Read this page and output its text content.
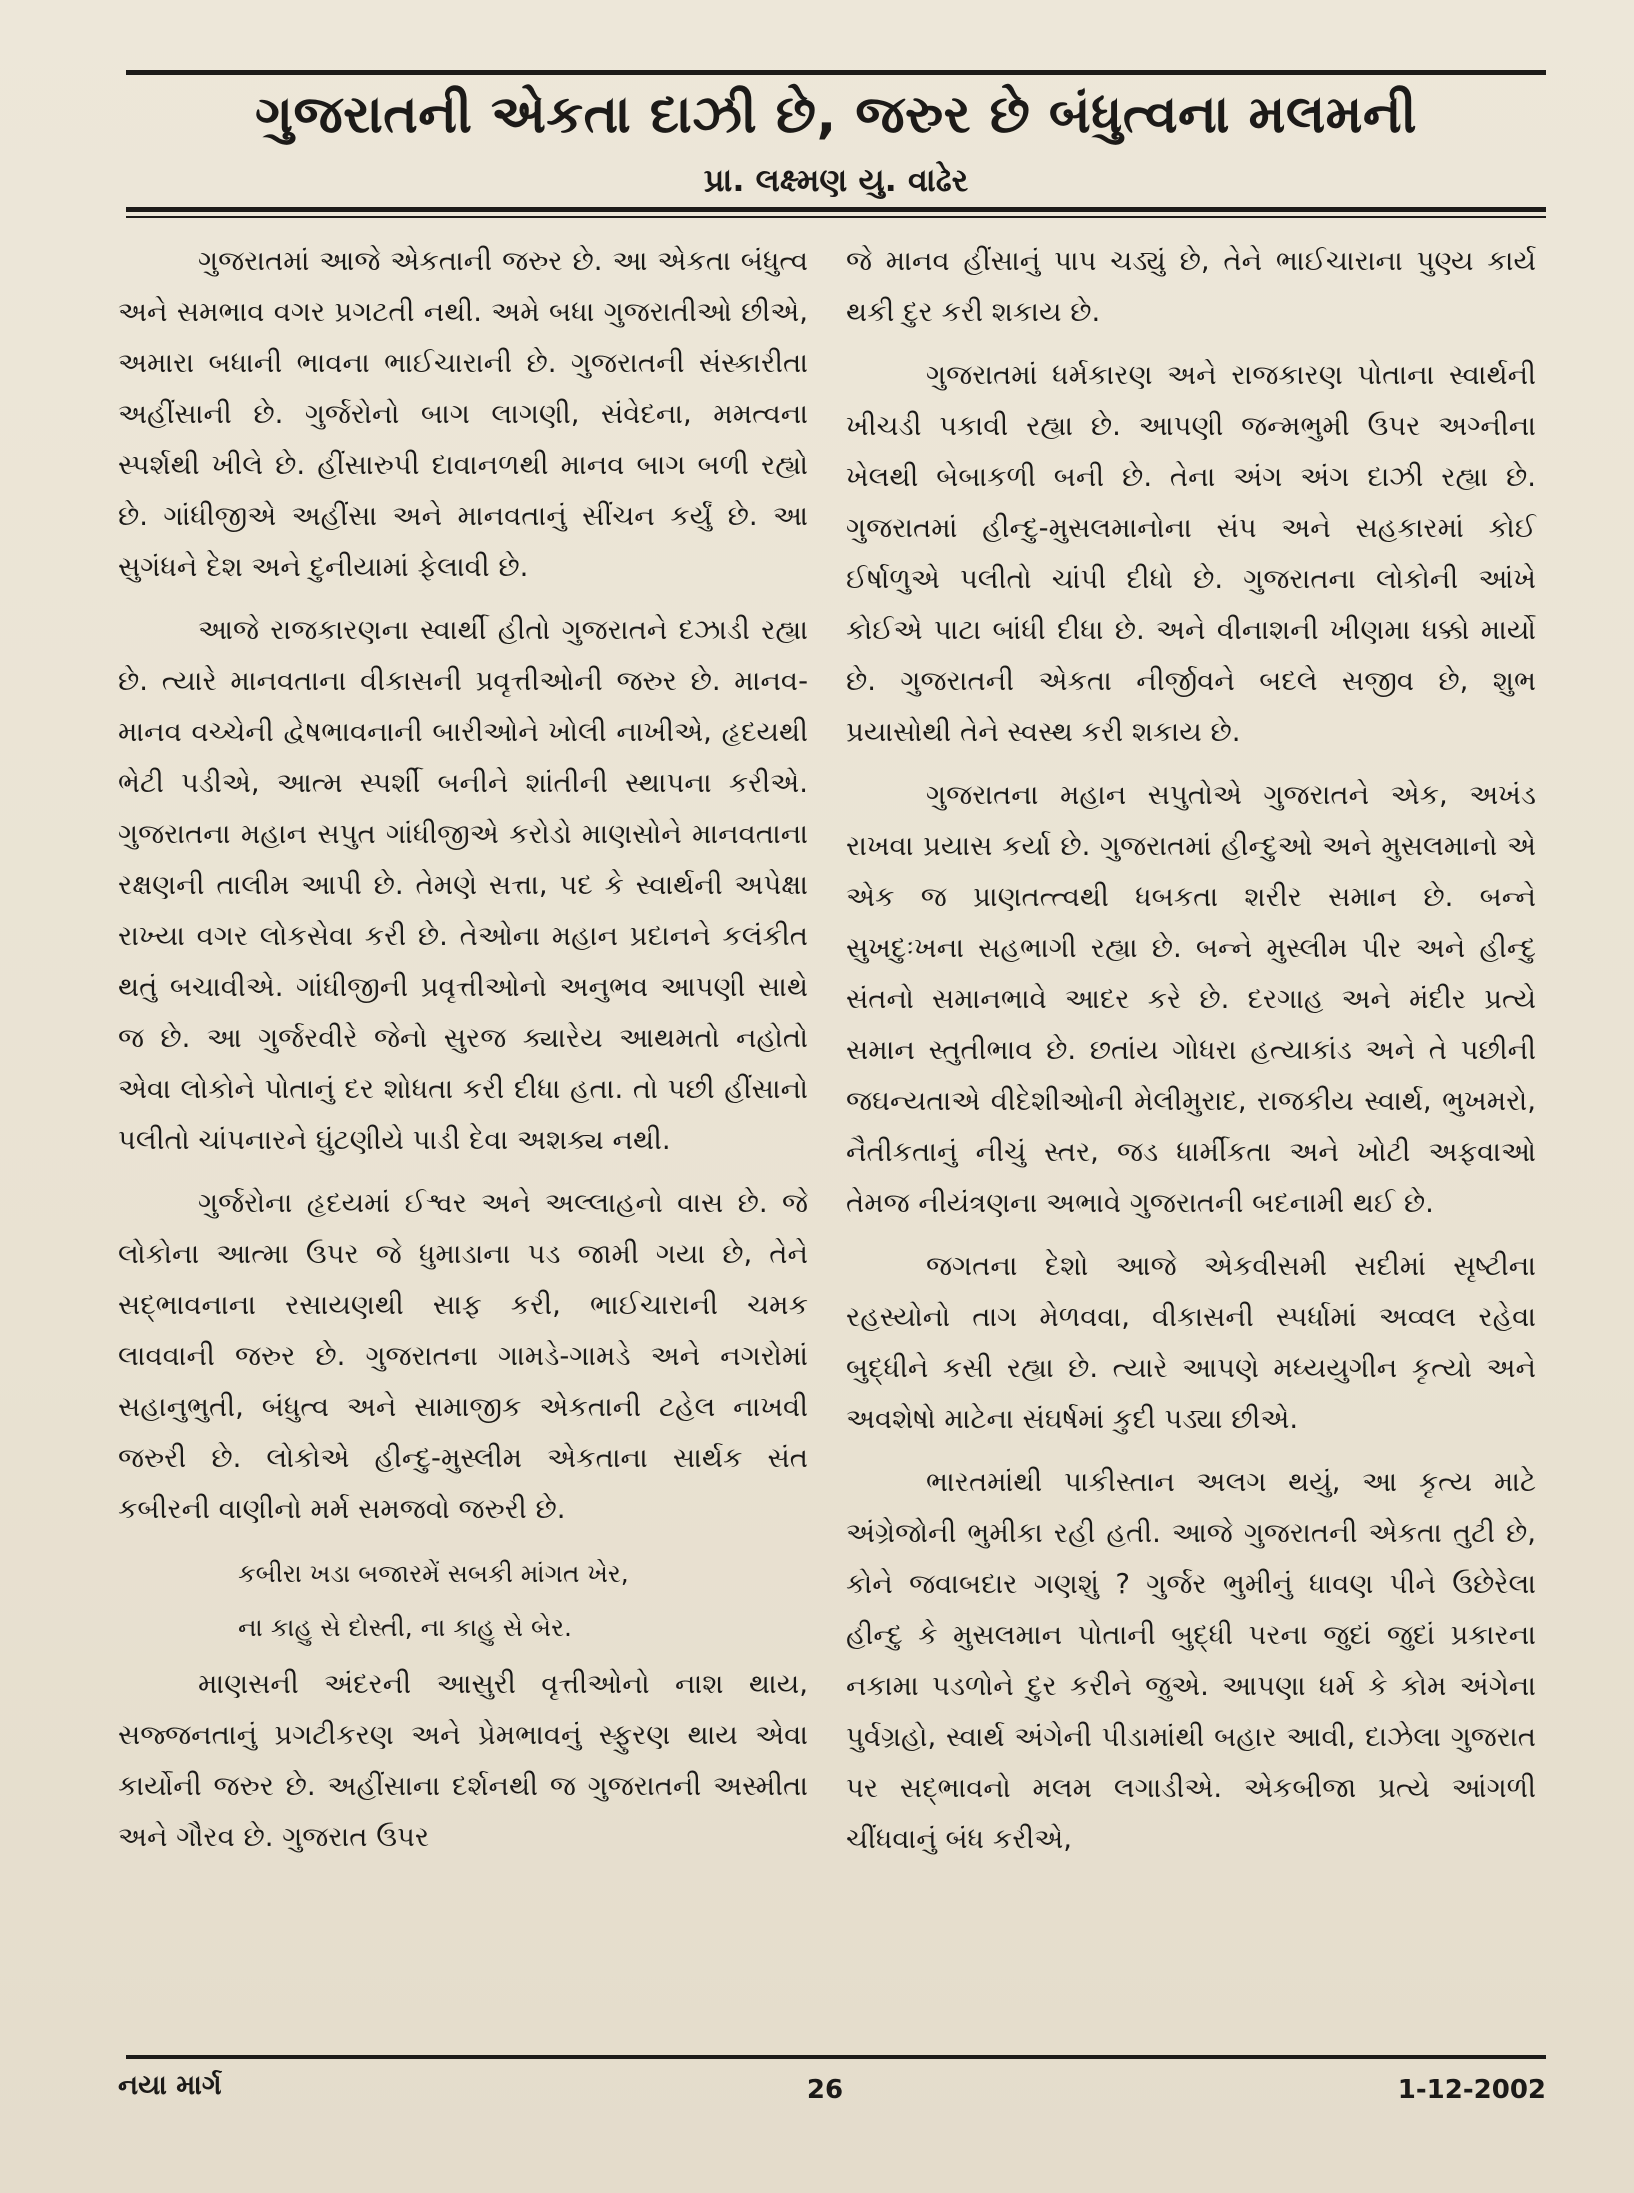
ગુજરાતની એકતા દાઝી છે, જરુર છે બંધુત્વના મલમની
પ્રા. લક્ષ્મણ યુ. વાઢેર

ગુજરાતમાં આજે એકતાની જરુર છે. આ એકતા બંધુત્વ અને સમભાવ વગર પ્રગટતી નથી. અમે બધા ગુજરાતીઓ છીએ, અમારા બધાની ભાવના ભાઈચારાની છે. ગુજરાતની સંસ્કારીતા અહીંસાની છે. ગુર્જરોનો બાગ લાગણી, સંવેદના, મમત્વના સ્પર્શથી ખીલે છે. હીંસારુપી દાવાનળથી માનવ બાગ બળી રહ્યો છે. ગાંધીજીએ અહીંસા અને માનવતાનું સીંચન કર્યું છે. આ સુગંધને દેશ અને દુનીયામાં ફેલાવી છે.

આજે રાજકારણના સ્વાર્થી હીતો ગુજરાતને દઝાડી રહ્યા છે. ત્યારે માનવતાના વીકાસની પ્રવૃત્તીઓની જરુર છે. માનવ-માનવ વચ્ચેની દ્વેષભાવનાની બારીઓને ખોલી નાખીએ, હૃદયથી ભેટી પડીએ, આત્મ સ્પર્શી બનીને શાંતીની સ્થાપના કરીએ. ગુજરાતના મહાન સપુત ગાંધીજીએ કરોડો માણસોને માનવતાના રક્ષણની તાલીમ આપી છે. તેમણે સત્તા, પદ કે સ્વાર્થની અપેક્ષા રાખ્યા વગર લોકસેવા કરી છે. તેઓના મહાન પ્રદાનને કલંકીત થતું બચાવીએ. ગાંધીજીની પ્રવૃત્તીઓનો અનુભવ આપણી સાથે જ છે. આ ગુર્જરવીરે જેનો સુરજ ક્યારેય આથમતો નહોતો એવા લોકોને પોતાનું દર શોધતા કરી દીધા હતા. તો પછી હીંસાનો પલીતો ચાંપનારને ઘુંટણીયે પાડી દેવા અશક્ય નથી.

ગુર્જરોના હૃદયમાં ઈશ્વર અને અલ્લાહનો વાસ છે. જે લોકોના આત્મા ઉપર જે ધુમાડાના પડ જામી ગયા છે, તેને સદ્ભાવનાના રસાયણથી સાફ કરી, ભાઈચારાની ચમક લાવવાની જરુર છે. ગુજરાતના ગામડે-ગામડે અને નગરોમાં સહાનુભુતી, બંધુત્વ અને સામાજીક એકતાની ટહેલ નાખવી જરુરી છે. લોકોએ હીન્દુ-મુસ્લીમ એકતાના સાર્થક સંત કબીરની વાણીનો મર્મ સમજવો જરુરી છે.

કબીરા ખડા બજારમેં સબકી માંગત ખેર,

ના કાહુ સે દોસ્તી, ના કાહુ સે બેર.

માણસની અંદરની આસુરી વૃત્તીઓનો નાશ થાય, સજ્જનતાનું પ્રગટીકરણ અને પ્રેમભાવનું સ્ફુરણ થાય એવા કાર્યોની જરુર છે. અહીંસાના દર્શનથી જ ગુજરાતની અસ્મીતા અને ગૌરવ છે. ગુજરાત ઉપર

જે માનવ હીંસાનું પાપ ચડ્યું છે, તેને ભાઈચારાના પુણ્ય કાર્ય થકી દુર કરી શકાય છે.

ગુજરાતમાં ધર્મકારણ અને રાજકારણ પોતાના સ્વાર્થની ખીચડી પકાવી રહ્યા છે. આપણી જન્મભુમી ઉપર અગ્નીના ખેલથી બેબાકળી બની છે. તેના અંગ અંગ દાઝી રહ્યા છે. ગુજરાતમાં હીન્દુ-મુસલમાનોના સંપ અને સહકારમાં કોઈ ઈર્ષાળુએ પલીતો ચાંપી દીધો છે. ગુજરાતના લોકોની આંખે કોઈએ પાટા બાંધી દીધા છે. અને વીનાશની ખીણમા ધક્કો માર્યો છે. ગુજરાતની એકતા નીર્જીવને બદલે સજીવ છે, શુભ પ્રયાસોથી તેને સ્વસ્થ કરી શકાય છે.

ગુજરાતના મહાન સપુતોએ ગુજરાતને એક, અખંડ રાખવા પ્રયાસ કર્યા છે. ગુજરાતમાં હીન્દુઓ અને મુસલમાનો એ એક જ પ્રાણતત્ત્વથી ધબકતા શરીર સમાન છે. બન્ને સુખદુઃખના સહભાગી રહ્યા છે. બન્ને મુસ્લીમ પીર અને હીન્દુ સંતનો સમાનભાવે આદર કરે છે. દરગાહ અને મંદીર પ્રત્યે સમાન સ્તુતીભાવ છે. છતાંય ગોધરા હત્યાકાંડ અને તે પછીની જઘન્યતાએ વીદેશીઓની મેલીમુરાદ, રાજકીય સ્વાર્થ, ભુખમરો, નૈતીકતાનું નીચું સ્તર, જડ ધાર્મીકતા અને ખોટી અફવાઓ તેમજ નીયંત્રણના અભાવે ગુજરાતની બદનામી થઈ છે.

જગતના દેશો આજે એકવીસમી સદીમાં સૃષ્ટીના રહસ્યોનો તાગ મેળવવા, વીકાસની સ્પર્ધામાં અવ્વલ રહેવા બુદ્ધીને કસી રહ્યા છે. ત્યારે આપણે મધ્યયુગીન કૃત્યો અને અવશેષો માટેના સંઘર્ષમાં કુદી પડ્યા છીએ.

ભારતમાંથી પાકીસ્તાન અલગ થયું, આ કૃત્ય માટે અંગ્રેજોની ભુમીકા રહી હતી. આજે ગુજરાતની એકતા તુટી છે, કોને જવાબદાર ગણશું ? ગુર્જર ભુમીનું ધાવણ પીને ઉછેરેલા હીન્દુ કે મુસલમાન પોતાની બુદ્ધી પરના જુદાં જુદાં પ્રકારના નકામા પડળોને દુર કરીને જુએ. આપણા ધર્મ કે કોમ અંગેના પુર્વગ્રહો, સ્વાર્થ અંગેની પીડામાંથી બહાર આવી, દાઝેલા ગુજરાત પર સદ્ભાવનો મલમ લગાડીએ. એકબીજા પ્રત્યે આંગળી ચીંધવાનું બંધ કરીએ,

નયા માર્ગ	26	1-12-2002
